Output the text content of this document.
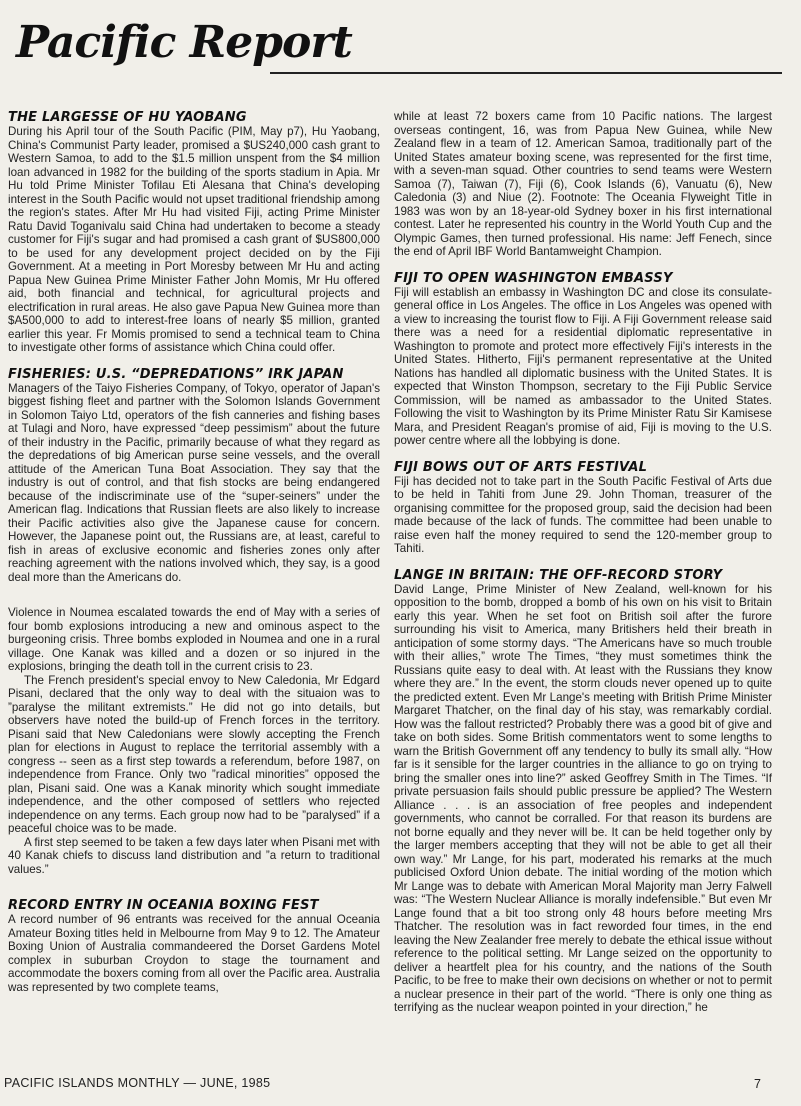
Pacific Report
THE LARGESSE OF HU YAOBANG

During his April tour of the South Pacific (PIM, May p7), Hu Yaobang, China's Communist Party leader, promised a $US240,000 cash grant to Western Samoa, to add to the $1.5 million unspent from the $4 million loan advanced in 1982 for the building of the sports stadium in Apia. Mr Hu told Prime Minister Tofilau Eti Alesana that China's developing interest in the South Pacific would not upset traditional friendship among the region's states. After Mr Hu had visited Fiji, acting Prime Minister Ratu David Toganivalu said China had undertaken to become a steady customer for Fiji's sugar and had promised a cash grant of $US800,000 to be used for any development project decided on by the Fiji Government. At a meeting in Port Moresby between Mr Hu and acting Papua New Guinea Prime Minister Father John Momis, Mr Hu offered aid, both financial and technical, for agricultural projects and electrification in rural areas. He also gave Papua New Guinea more than $A500,000 to add to interest-free loans of nearly $5 million, granted earlier this year. Fr Momis promised to send a technical team to China to investigate other forms of assistance which China could offer.

FISHERIES: U.S. “DEPREDATIONS” IRK JAPAN

Managers of the Taiyo Fisheries Company, of Tokyo, operator of Japan's biggest fishing fleet and partner with the Solomon Islands Government in Solomon Taiyo Ltd, operators of the fish canneries and fishing bases at Tulagi and Noro, have expressed “deep pessimism” about the future of their industry in the Pacific, primarily because of what they regard as the depredations of big American purse seine vessels, and the overall attitude of the American Tuna Boat Association. They say that the industry is out of control, and that fish stocks are being endangered because of the indiscriminate use of the “super-seiners” under the American flag. Indications that Russian fleets are also likely to increase their Pacific activities also give the Japanese cause for concern. However, the Japanese point out, the Russians are, at least, careful to fish in areas of exclusive economic and fisheries zones only after reaching agreement with the nations involved which, they say, is a good deal more than the Americans do.

Violence in Noumea escalated towards the end of May with a series of four bomb explosions introducing a new and ominous aspect to the burgeoning crisis. Three bombs exploded in Noumea and one in a rural village. One Kanak was killed and a dozen or so injured in the explosions, bringing the death toll in the current crisis to 23.

The French president's special envoy to New Caledonia, Mr Edgard Pisani, declared that the only way to deal with the situaion was to ”paralyse the militant extremists.” He did not go into details, but observers have noted the build-up of French forces in the territory. Pisani said that New Caledonians were slowly accepting the French plan for elections in August to replace the territorial assembly with a congress -- seen as a first step towards a referendum, before 1987, on independence from France. Only two ”radical minorities” opposed the plan, Pisani said. One was a Kanak minority which sought immediate independence, and the other composed of settlers who rejected independence on any terms. Each group now had to be ”paralysed” if a peaceful choice was to be made.

A first step seemed to be taken a few days later when Pisani met with 40 Kanak chiefs to discuss land distribution and ”a return to traditional values.”

RECORD ENTRY IN OCEANIA BOXING FEST

A record number of 96 entrants was received for the annual Oceania Amateur Boxing titles held in Melbourne from May 9 to 12. The Amateur Boxing Union of Australia commandeered the Dorset Gardens Motel complex in suburban Croydon to stage the tournament and accommodate the boxers coming from all over the Pacific area. Australia was represented by two complete teams,

while at least 72 boxers came from 10 Pacific nations. The largest overseas contingent, 16, was from Papua New Guinea, while New Zealand flew in a team of 12. American Samoa, traditionally part of the United States amateur boxing scene, was represented for the first time, with a seven-man squad. Other countries to send teams were Western Samoa (7), Taiwan (7), Fiji (6), Cook Islands (6), Vanuatu (6), New Caledonia (3) and Niue (2). Footnote: The Oceania Flyweight Title in 1983 was won by an 18-year-old Sydney boxer in his first international contest. Later he represented his country in the World Youth Cup and the Olympic Games, then turned professional. His name: Jeff Fenech, since the end of April IBF World Bantamweight Champion.

FIJI TO OPEN WASHINGTON EMBASSY

Fiji will establish an embassy in Washington DC and close its consulate-general office in Los Angeles. The office in Los Angeles was opened with a view to increasing the tourist flow to Fiji. A Fiji Government release said there was a need for a residential diplomatic representative in Washington to promote and protect more effectively Fiji's interests in the United States. Hitherto, Fiji's permanent representative at the United Nations has handled all diplomatic business with the United States. It is expected that Winston Thompson, secretary to the Fiji Public Service Commission, will be named as ambassador to the United States. Following the visit to Washington by its Prime Minister Ratu Sir Kamisese Mara, and President Reagan's promise of aid, Fiji is moving to the U.S. power centre where all the lobbying is done.

FIJI BOWS OUT OF ARTS FESTIVAL

Fiji has decided not to take part in the South Pacific Festival of Arts due to be held in Tahiti from June 29. John Thoman, treasurer of the organising committee for the proposed group, said the decision had been made because of the lack of funds. The committee had been unable to raise even half the money required to send the 120-member group to Tahiti.

LANGE IN BRITAIN: THE OFF-RECORD STORY

David Lange, Prime Minister of New Zealand, well-known for his opposition to the bomb, dropped a bomb of his own on his visit to Britain early this year. When he set foot on British soil after the furore surrounding his visit to America, many Britishers held their breath in anticipation of some stormy days. “The Americans have so much trouble with their allies,” wrote The Times, “they must sometimes think the Russians quite easy to deal with. At least with the Russians they know where they are.” In the event, the storm clouds never opened up to quite the predicted extent. Even Mr Lange's meeting with British Prime Minister Margaret Thatcher, on the final day of his stay, was remarkably cordial. How was the fallout restricted? Probably there was a good bit of give and take on both sides. Some British commentators went to some lengths to warn the British Government off any tendency to bully its small ally. “How far is it sensible for the larger countries in the alliance to go on trying to bring the smaller ones into line?” asked Geoffrey Smith in The Times. “If private persuasion fails should public pressure be applied? The Western Alliance . . . is an association of free peoples and independent governments, who cannot be corralled. For that reason its burdens are not borne equally and they never will be. It can be held together only by the larger members accepting that they will not be able to get all their own way.” Mr Lange, for his part, moderated his remarks at the much publicised Oxford Union debate. The initial wording of the motion which Mr Lange was to debate with American Moral Majority man Jerry Falwell was: “The Western Nuclear Alliance is morally indefensible.” But even Mr Lange found that a bit too strong only 48 hours before meeting Mrs Thatcher. The resolution was in fact reworded four times, in the end leaving the New Zealander free merely to debate the ethical issue without reference to the political setting. Mr Lange seized on the opportunity to deliver a heartfelt plea for his country, and the nations of the South Pacific, to be free to make their own decisions on whether or not to permit a nuclear presence in their part of the world. “There is only one thing as terrifying as the nuclear weapon pointed in your direction,” he

PACIFIC ISLANDS MONTHLY — JUNE, 1985	7
